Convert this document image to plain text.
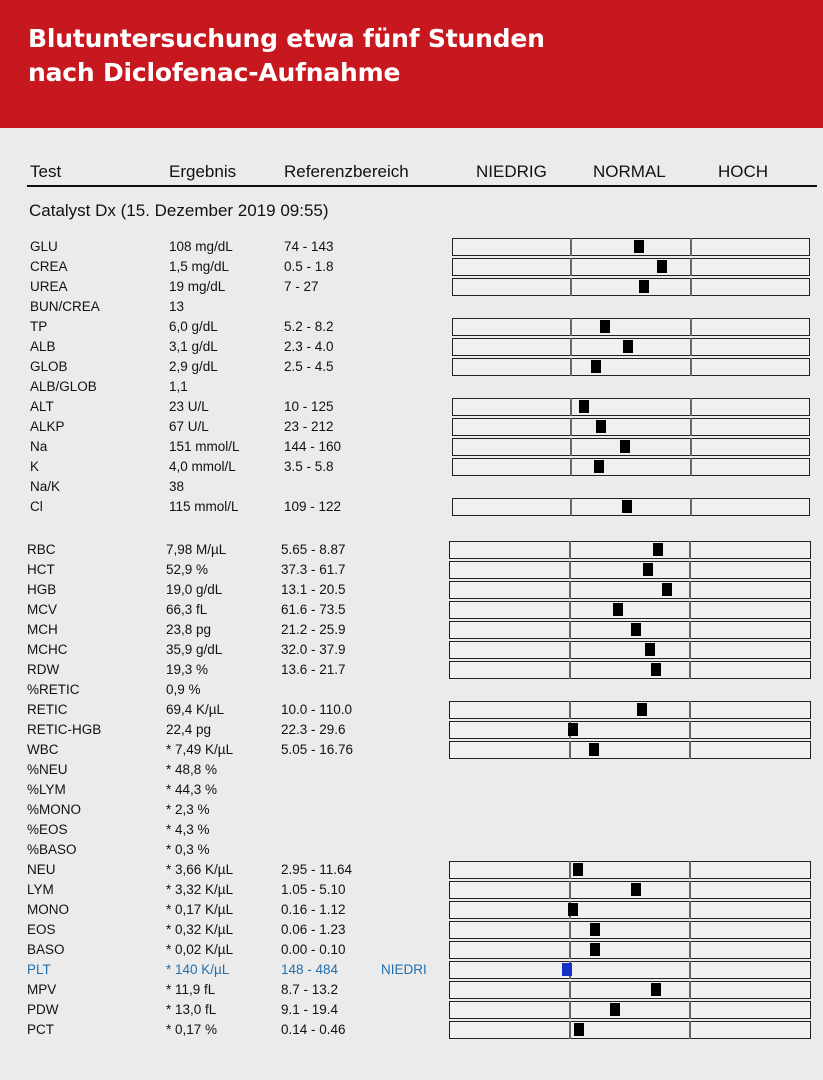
Blutuntersuchung etwa fünf Stunden
nach Diclofenac-Aufnahme
Test	Ergebnis	Referenzbereich	NIEDRIG	NORMAL	HOCH
Catalyst Dx (15. Dezember 2019 09:55)
GLU	108 mg/dL	74 - 143
CREA	1,5 mg/dL	0.5 - 1.8
UREA	19 mg/dL	7 - 27
BUN/CREA	13
TP	6,0 g/dL	5.2 - 8.2
ALB	3,1 g/dL	2.3 - 4.0
GLOB	2,9 g/dL	2.5 - 4.5
ALB/GLOB	1,1
ALT	23 U/L	10 - 125
ALKP	67 U/L	23 - 212
Na	151 mmol/L	144 - 160
K	4,0 mmol/L	3.5 - 5.8
Na/K	38
Cl	115 mmol/L	109 - 122
RBC	7,98 M/µL	5.65 - 8.87
HCT	52,9 %	37.3 - 61.7
HGB	19,0 g/dL	13.1 - 20.5
MCV	66,3 fL	61.6 - 73.5
MCH	23,8 pg	21.2 - 25.9
MCHC	35,9 g/dL	32.0 - 37.9
RDW	19,3 %	13.6 - 21.7
%RETIC	0,9 %
RETIC	69,4 K/µL	10.0 - 110.0
RETIC-HGB	22,4 pg	22.3 - 29.6
WBC	* 7,49 K/µL	5.05 - 16.76
%NEU	* 48,8 %
%LYM	* 44,3 %
%MONO	* 2,3 %
%EOS	* 4,3 %
%BASO	* 0,3 %
NEU	* 3,66 K/µL	2.95 - 11.64
LYM	* 3,32 K/µL	1.05 - 5.10
MONO	* 0,17 K/µL	0.16 - 1.12
EOS	* 0,32 K/µL	0.06 - 1.23
BASO	* 0,02 K/µL	0.00 - 0.10
PLT	* 140 K/µL	148 - 484	NIEDRI
MPV	* 11,9 fL	8.7 - 13.2
PDW	* 13,0 fL	9.1 - 19.4
PCT	* 0,17 %	0.14 - 0.46
